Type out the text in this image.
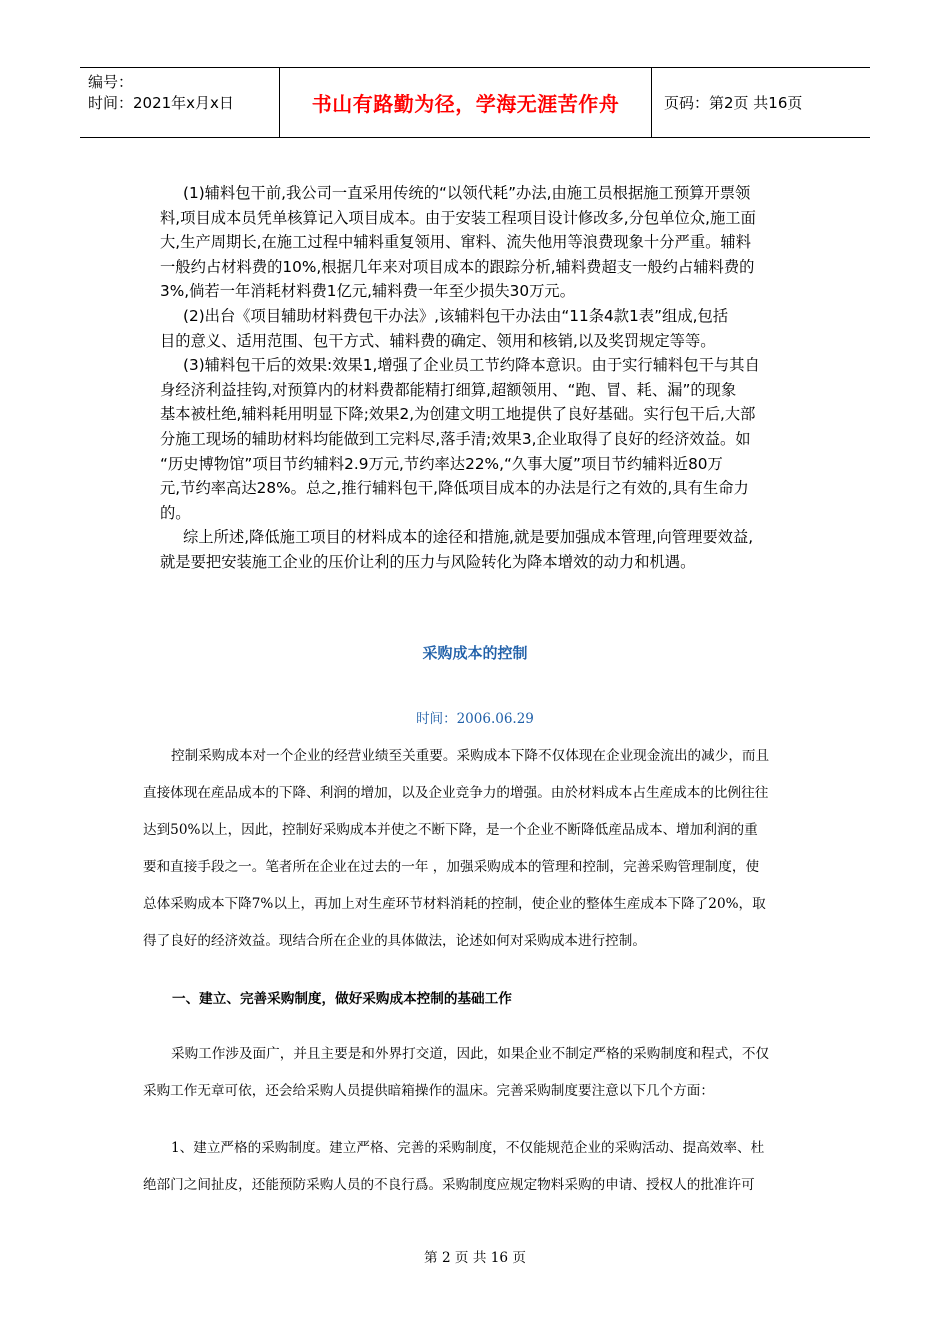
编号：
时间：2021年x月x日	书山有路勤为径，学海无涯苦作舟	页码：第2页 共16页
(1)辅料包干前,我公司一直采用传统的“以领代耗”办法,由施工员根据施工预算开票领
料,项目成本员凭单核算记入项目成本。由于安装工程项目设计修改多,分包单位众,施工面
大,生产周期长,在施工过程中辅料重复领用、窜料、流失他用等浪费现象十分严重。辅料
一般约占材料费的10%,根据几年来对项目成本的跟踪分析,辅料费超支一般约占辅料费的
3%,倘若一年消耗材料费1亿元,辅料费一年至少损失30万元。
(2)出台《项目辅助材料费包干办法》,该辅料包干办法由“11条4款1表”组成,包括
目的意义、适用范围、包干方式、辅料费的确定、领用和核销,以及奖罚规定等等。
(3)辅料包干后的效果:效果1,增强了企业员工节约降本意识。由于实行辅料包干与其自
身经济利益挂钩,对预算内的材料费都能精打细算,超额领用、“跑、冒、耗、漏”的现象
基本被杜绝,辅料耗用明显下降;效果2,为创建文明工地提供了良好基础。实行包干后,大部
分施工现场的辅助材料均能做到工完料尽,落手清;效果3,企业取得了良好的经济效益。如
“历史博物馆”项目节约辅料2.9万元,节约率达22%,“久事大厦”项目节约辅料近80万
元,节约率高达28%。总之,推行辅料包干,降低项目成本的办法是行之有效的,具有生命力
的。
综上所述,降低施工项目的材料成本的途径和措施,就是要加强成本管理,向管理要效益,
就是要把安装施工企业的压价让利的压力与风险转化为降本增效的动力和机遇。
采购成本的控制
时间：2006.06.29
控制采购成本对一个企业的经营业绩至关重要。采购成本下降不仅体现在企业现金流出的减少，而且
直接体现在産品成本的下降、利润的增加，以及企业竞争力的增强。由於材料成本占生産成本的比例往往
达到50%以上，因此，控制好采购成本并使之不断下降，是一个企业不断降低産品成本、增加利润的重
要和直接手段之一。笔者所在企业在过去的一年 ，加强采购成本的管理和控制，完善采购管理制度，使
总体采购成本下降7%以上，再加上对生産环节材料消耗的控制，使企业的整体生産成本下降了20%，取
得了良好的经济效益。现结合所在企业的具体做法，论述如何对采购成本进行控制。
一、建立、完善采购制度，做好采购成本控制的基础工作
采购工作涉及面广，并且主要是和外界打交道，因此，如果企业不制定严格的采购制度和程式，不仅
采购工作无章可依，还会给采购人员提供暗箱操作的温床。完善采购制度要注意以下几个方面：
1、建立严格的采购制度。建立严格、完善的采购制度，不仅能规范企业的采购活动、提高效率、杜
绝部门之间扯皮，还能预防采购人员的不良行爲。采购制度应规定物料采购的申请、授权人的批准许可
第 2 页 共 16 页
